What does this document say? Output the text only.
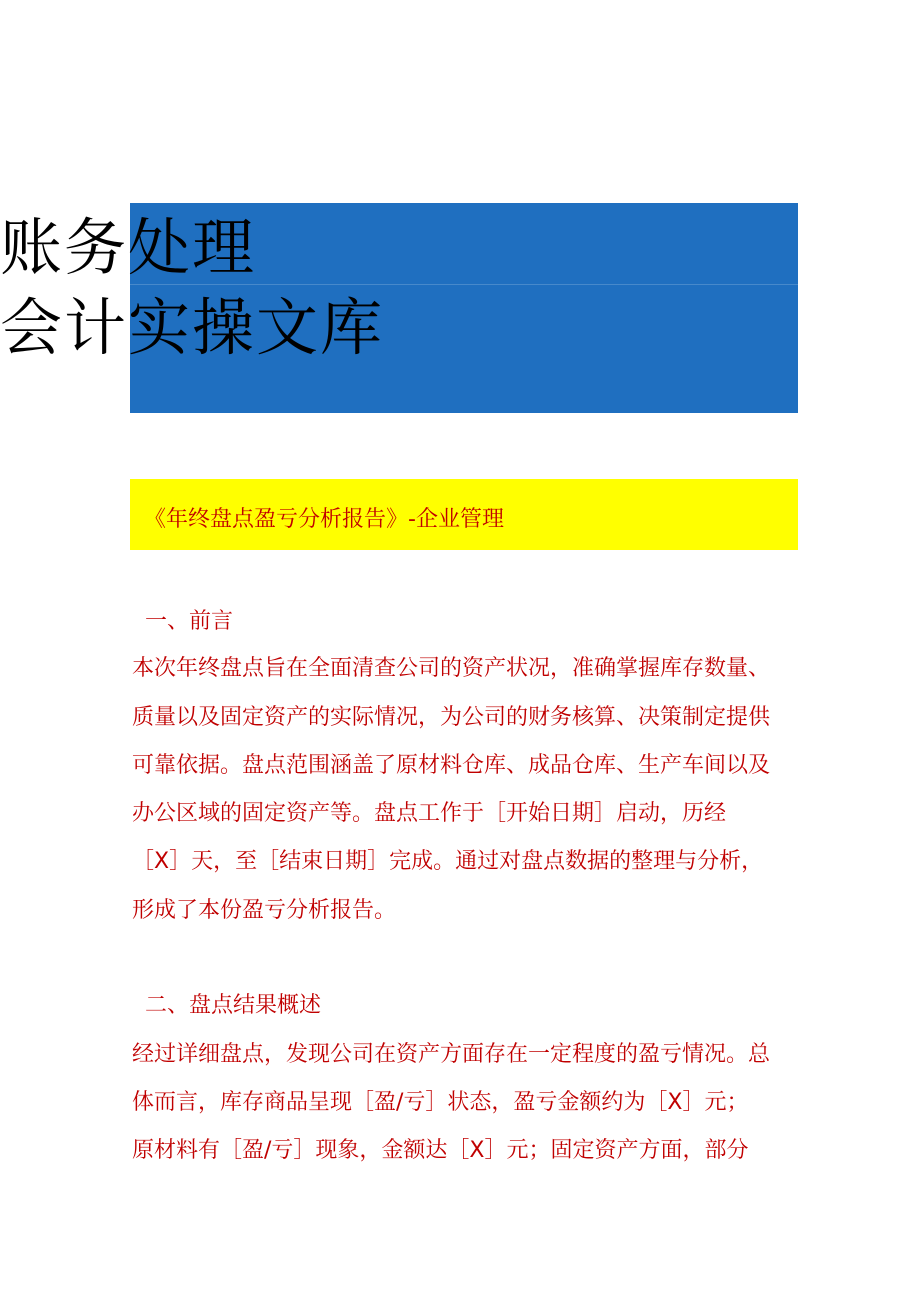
账务处理
会计实操文库
《年终盘点盈亏分析报告》-企业管理
一、前言
本次年终盘点旨在全面清查公司的资产状况，准确掌握库存数量、
质量以及固定资产的实际情况，为公司的财务核算、决策制定提供
可靠依据。盘点范围涵盖了原材料仓库、成品仓库、生产车间以及
办公区域的固定资产等。盘点工作于［开始日期］启动，历经
［X］天，至［结束日期］完成。通过对盘点数据的整理与分析，
形成了本份盈亏分析报告。
二、盘点结果概述
经过详细盘点，发现公司在资产方面存在一定程度的盈亏情况。总
体而言，库存商品呈现［盈/亏］状态，盈亏金额约为［X］元；
原材料有［盈/亏］现象，金额达［X］元；固定资产方面，部分
